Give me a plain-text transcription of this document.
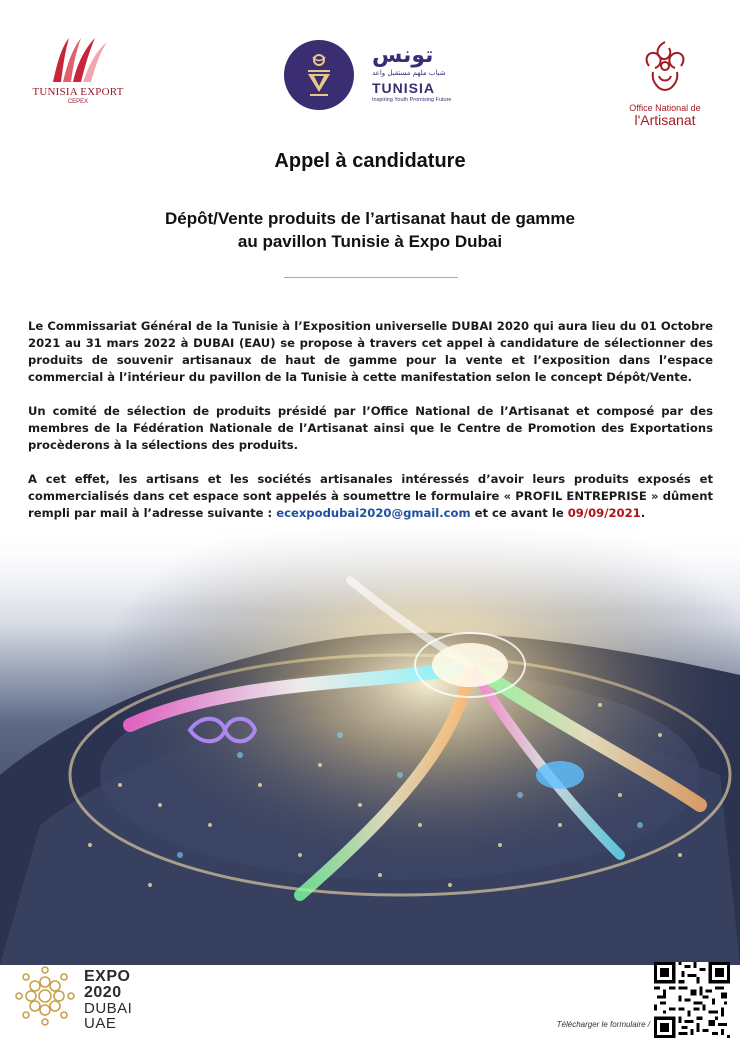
TUNISIA EXPORT
CEPEX
تونس
شباب ملهم مستقبل واعد
TUNISIA
Inspiring Youth Promising Future
Office National de
l'Artisanat
Appel à candidature
Dépôt/Vente produits de l’artisanat haut de gamme
au pavillon Tunisie à Expo Dubai

Le Commissariat Général de la Tunisie à l’Exposition universelle DUBAI 2020 qui aura lieu du 01 Octobre 2021 au 31 mars 2022 à DUBAI (EAU) se propose à travers cet appel à candidature de sélectionner des produits de souvenir artisanaux de haut de gamme pour la vente et l’exposition dans l’espace commercial à l’intérieur du pavillon de la Tunisie à cette manifestation selon le concept Dépôt/Vente.

Un comité de sélection de produits présidé par l’Office National de l’Artisanat et composé par des membres de la Fédération Nationale de l’Artisanat ainsi que le Centre de Promotion des Exportations procèderons à la sélections des produits.

A cet effet, les artisans et les sociétés artisanales intéressés d’avoir leurs produits exposés et commercialisés dans cet espace sont appelés à soumettre le formulaire « PROFIL ENTREPRISE » dûment rempli par mail à l’adresse suivante : ecexpodubai2020@gmail.com et ce avant le 09/09/2021.

EXPO
2020
DUBAI
UAE	Télécharger le formulaire /
